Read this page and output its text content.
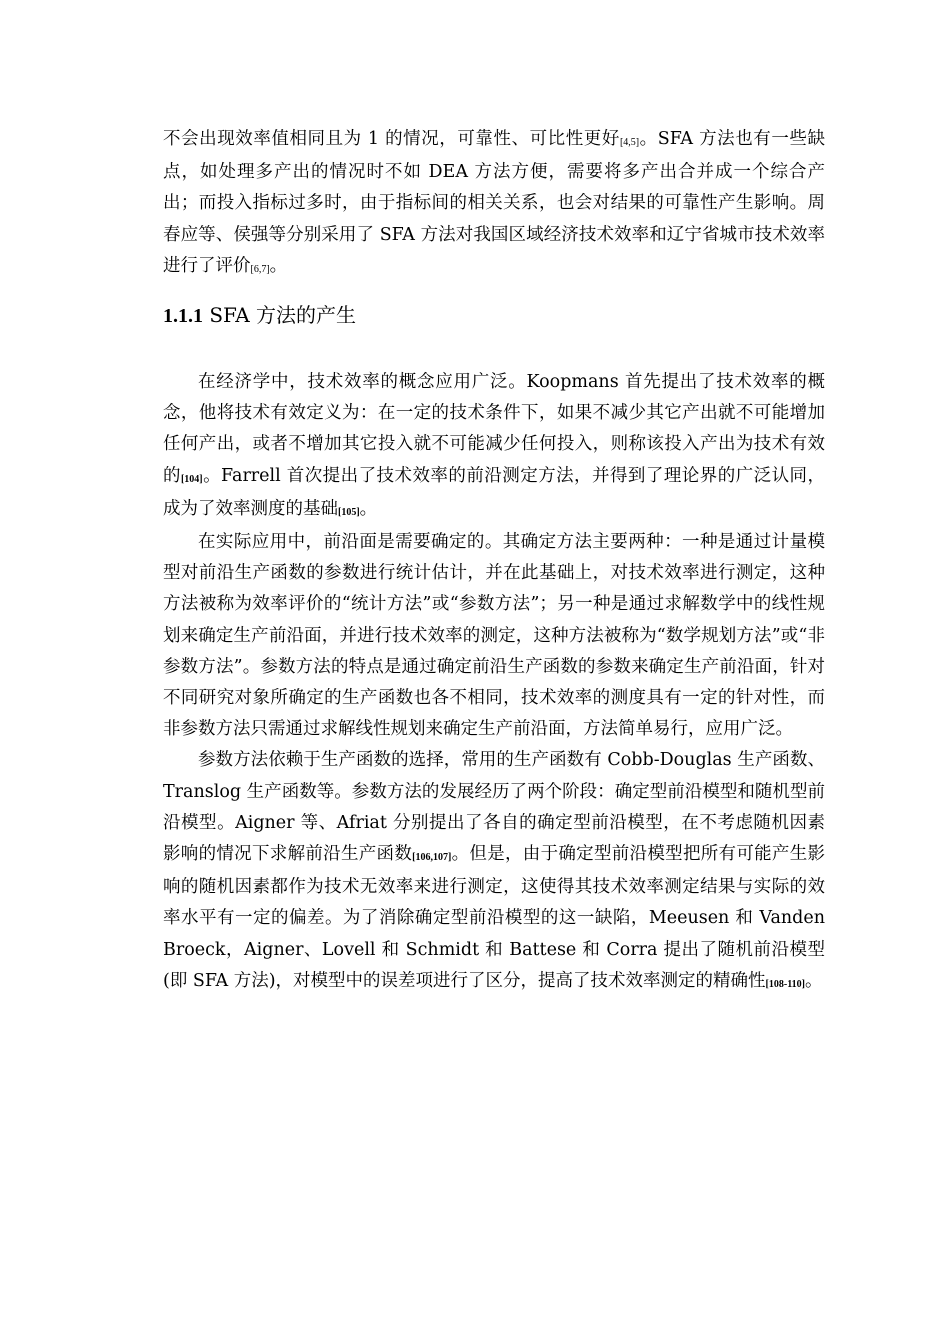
不会出现效率值相同且为 1 的情况，可靠性、可比性更好[4,5]。SFA 方法也有一些缺点，如处理多产出的情况时不如 DEA 方法方便，需要将多产出合并成一个综合产出；而投入指标过多时，由于指标间的相关关系，也会对结果的可靠性产生影响。周春应等、侯强等分别采用了 SFA 方法对我国区域经济技术效率和辽宁省城市技术效率进行了评价[6,7]。

1.1.1 SFA 方法的产生

在经济学中，技术效率的概念应用广泛。Koopmans 首先提出了技术效率的概念，他将技术有效定义为：在一定的技术条件下，如果不减少其它产出就不可能增加任何产出，或者不增加其它投入就不可能减少任何投入，则称该投入产出为技术有效的[104]。Farrell 首次提出了技术效率的前沿测定方法，并得到了理论界的广泛认同，成为了效率测度的基础[105]。

在实际应用中，前沿面是需要确定的。其确定方法主要两种：一种是通过计量模型对前沿生产函数的参数进行统计估计，并在此基础上，对技术效率进行测定，这种方法被称为效率评价的“统计方法”或“参数方法”；另一种是通过求解数学中的线性规划来确定生产前沿面，并进行技术效率的测定，这种方法被称为“数学规划方法”或“非参数方法”。参数方法的特点是通过确定前沿生产函数的参数来确定生产前沿面，针对不同研究对象所确定的生产函数也各不相同，技术效率的测度具有一定的针对性，而非参数方法只需通过求解线性规划来确定生产前沿面，方法简单易行，应用广泛。

参数方法依赖于生产函数的选择，常用的生产函数有 Cobb-Douglas 生产函数、Translog 生产函数等。参数方法的发展经历了两个阶段：确定型前沿模型和随机型前沿模型。Aigner 等、Afriat 分别提出了各自的确定型前沿模型，在不考虑随机因素影响的情况下求解前沿生产函数[106,107]。但是，由于确定型前沿模型把所有可能产生影响的随机因素都作为技术无效率来进行测定，这使得其技术效率测定结果与实际的效率水平有一定的偏差。为了消除确定型前沿模型的这一缺陷，Meeusen 和 Vanden Broeck，Aigner、Lovell 和 Schmidt 和 Battese 和 Corra 提出了随机前沿模型(即 SFA 方法)，对模型中的误差项进行了区分，提高了技术效率测定的精确性[108-110]。
